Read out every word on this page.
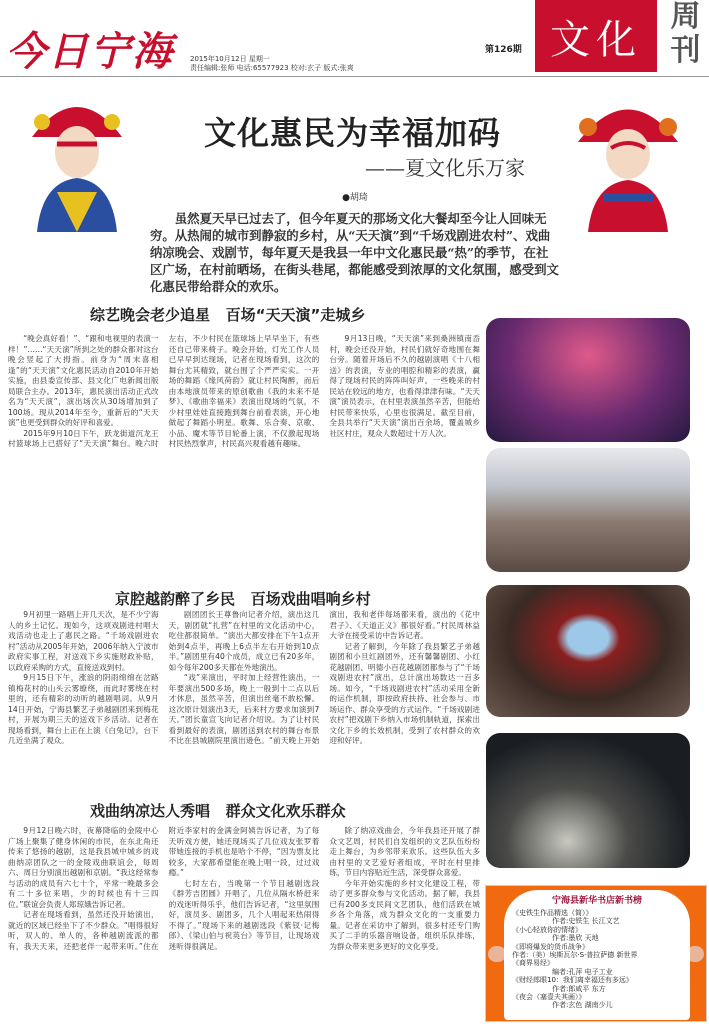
今日宁海 2015年10月12日 星期一
责任编辑:张师 电话:65577923 校对:玄子 版式:张爽
第126期 文化 周刊
文化惠民为幸福加码
——夏文化乐万家
●胡琦
虽然夏天早已过去了，但今年夏天的那场文化大餐却至今让人回味无穷。从热闹的城市到静寂的乡村，从“天天演”到“千场戏剧进农村”、戏曲纳凉晚会、戏剧节，每年夏天是我县一年中文化惠民最“热”的季节，在社区广场，在村前晒场，在街头巷尾，都能感受到浓厚的文化氛围，感受到文化惠民带给群众的欢乐。
综艺晚会老少追星   百场“天天演”走城乡

“晚会真好看！”、“跟和电视里的表演一样！”……“天天演”所到之处的群众都对这台晚会竖起了大拇指。前身为“周末喜相逢”的“天天演”文化惠民活动自2010年开始实施，由县委宣传部、县文化广电新闻出版局联合主办。2013年，惠民演出活动正式改名为“天天演”，演出场次从30场增加到了100场。现从2014年至今，重新后的“天天演”也更受到群众的好评和喜爱。

2015年9月10日下午，跃龙街道沉龙王村篮球场上已搭好了“天天演”舞台。晚六时左右，不少村民在篮球场上早早坐下，有些还自己带来椅子。晚会开始，灯光工作人员已早早到达现场，记者在现场看到，这次的舞台尤其精致，就台围了个严严实实。一开场的舞蹈《缘风荷韵》就让村民陶醉，而后由本地演员带来的原创歌曲《我的未来不是梦》、《歌曲幸福来》表演出现场的气氛，不少村里娃娃直接跑到舞台前看表演，开心地做起了舞蹈小明星。歌舞、乐合奏、京歌、小品、魔术等节目轮番上演，不仅激起现场村民热烈掌声，村民高兴观看越有趣味。

9月13日晚，“天天演”来到桑洲镇南岙村，晚会还没开始，村民们就好奇地围在舞台旁。随着开场后不久的越剧演唱《十八相送》的表演，专业的唱腔和精彩的表演，赢得了现场村民的阵阵叫好声。一些晚来的村民站在较远的地方，也看得津津有味。“天天演”演员表示，在村里表演虽然辛苦，但能给村民带来快乐，心里也很满足。截至目前，全县共举行“天天演”演出百余场，覆盖城乡社区村庄，观众人数超过十万人次。

京腔越韵醉了乡民   百场戏曲唱响乡村

9月初里一路唱上开几天次，是不少宁海人的乡土记忆。现如今，这项戏剧进村唱大戏活动也走上了惠民之路。“千场戏剧进农村”活动从2005年开始，2006年纳入宁波市政府实事工程，对送戏下乡实施财政补贴，以政府采购的方式，直接送戏到村。

9月15日下午，涨浪的阴雨绵绵在岔路镇梅花村的山头云雾缭绕，而此时雾绕在村里的，还有精彩的动听的越剧唱词。从9月14日开始，宁海县繁艺子弟越剧团来到梅花村，开展为期三天的送戏下乡活动。记者在现场看到，舞台上正在上演《白兔记》，台下几近坐满了观众。

剧团团长王尊鲁向记者介绍，演出这几天，剧团就“扎营”在村里的文化活动中心，吃住都很简单。“演出大都安排在下午1点开始到4点半，再晚上6点半左右开始到10点半。”剧团里有40个成员，成立已有20多年，如今每年200多天都在外地演出。

“戏”来演出，平时加上经营性演出，一年要演出500多场，晚上一般到十二点以后才休息，虽然辛苦，但演出丝毫不敢松懈。这次原计划演出3天，后来村方要求加演到7天。”团长童宣飞向记者介绍说。为了让村民看到最好的表演，剧团送到农村的舞台布景不比在县城剧院里演出逊色。“前天晚上开始演出，我和老伴每场都来看，演出的《花中君子》、《天道正义》都很好看。”村民周林益大爷在接受采访中告诉记者。

记者了解到，今年除了我县繁艺子弟越剧团和小旦红剧团外，还有馨馨剧团、小红花越剧团、明德小百花越剧团都参与了“千场戏剧进农村”演出，总计演出场数达一百多场。如今，“千场戏剧进农村”活动采用全新的运作机制，即按政府扶持、社会参与、市场运作、群众享受的方式运作。“千场戏剧进农村”把戏剧下乡纳入市场机制轨道，探索出文化下乡的长效机制，受到了农村群众的欢迎和好评。

戏曲纳凉达人秀唱   群众文化欢乐群众

9月12日晚六时，夜幕降临的金陵中心广场上聚集了健身休闲的市民，在东北角还传来了悠扬的越剧，这是我县城中城乡的戏曲纳凉团队之一的金陵戏曲联谊会，每周六、周日分别演出越剧和京剧。“我这经常参与活动的成员有六七十个，平常一晚最多会有二十多位来唱，少的时候也有十三四位。”联谊会负责人郑琼娥告诉记者。

记者在现场看到，虽然还没开始演出，就近的区域已经坐下了不少群众。“唱得很好听，双人的、单人的，各种越剧流派的都有，我天天来，还把老伴一起带来听。”住在附近李家村的金满金阿姨告诉记者，为了每天听戏方便，她还现场买了几位戏友张罗着带她连接的手机也是哈个不停，“因为票友比较多，大家都希望能在晚上唱一段，过过戏瘾。”

七时左右，当晚第一个节目越剧选段《群芳吉团圆》开唱了，几位从隔水桥赶来的戏迷听得乐乎，他们告诉记者，“这里氛围好，演员多、剧团多，几个人唱起来热闹得不得了。”现场下来的越剧选段《紫钗·记梅郎》、《梁山伯与祝英台》等节目，让现场戏迷听得很满足。

除了纳凉戏曲会，今年我县还开展了群众文艺周，村民们自发组织的文艺队伍纷纷走上舞台，为乡邻带来欢乐。这些队伍大多由村里的文艺爱好者组成，平时在村里排练，节目内容贴近生活，深受群众喜爱。

今年开始实施的乡村文化建设工程，带动了更多群众参与文化活动。据了解，我县已有200多支民间文艺团队，他们活跃在城乡各个角落，成为群众文化的一支重要力量。记者在采访中了解到，很多村还专门购买了二手的乐器音响设备，组织乐队排练，为群众带来更多更好的文化享受。

宁海县新华书店新书榜
《史铁生作品精选（简）》
作者:史铁生 长江文艺
《小心轻放你的情绪》
作者:墨欣 天地
《即将爆发的货币战争》
作者:（美）埃斯瓦尔·S·普拉萨德 新世界
《商界易经》
编者:孔萍 电子工业
《财经郎眼10：我们离幸福还有多远》
作者:郎咸平 东方
《夜会（塞壹夫其画）》
作者:玄色 湖南少儿
